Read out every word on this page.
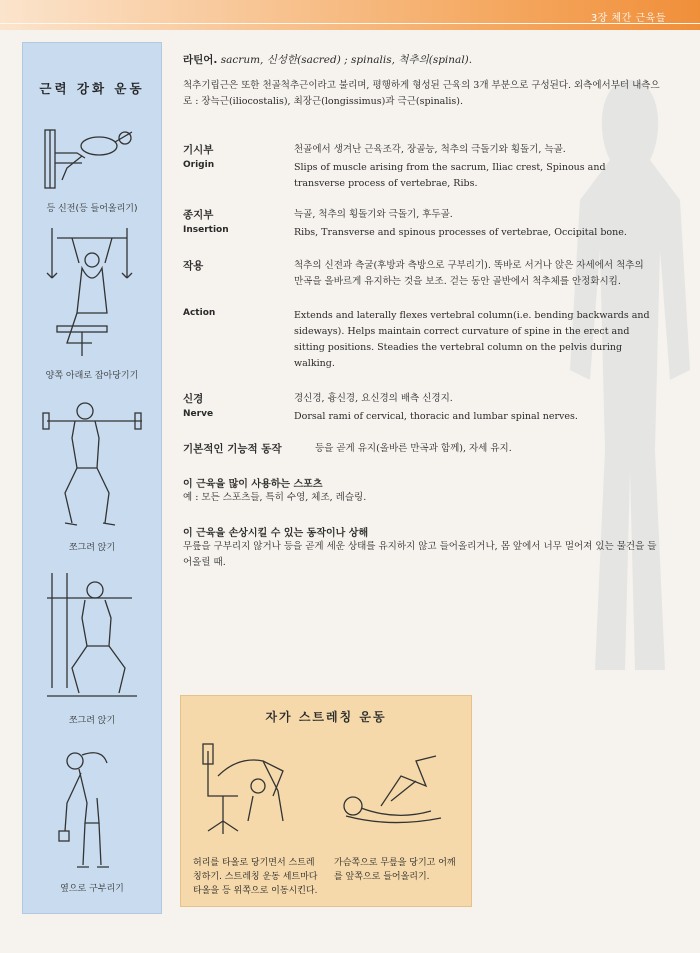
3장 체간 근육들
근력 강화 운동
등 신전(등 들어올리기)
양쪽 아래로 잡아당기기
쪼그려 앉기
쪼그려 앉기
옆으로 구부리기
라틴어. sacrum, 신성한(sacred) ; spinalis, 척추의(spinal).
척추기립근은 또한 천골척추근이라고 불리며, 평행하게 형성된 근육의 3개 부분으로 구성된다. 외측에서부터 내측으로 : 장늑근(iliocostalis), 최장근(longissimus)과 극근(spinalis).
기시부
Origin
천골에서 생겨난 근육조각, 장골능, 척추의 극돌기와 횡돌기, 늑골.
Slips of muscle arising from the sacrum, Iliac crest, Spinous and transverse process of vertebrae, Ribs.
종지부
Insertion
늑골, 척추의 횡돌기와 극돌기, 후두골.
Ribs, Transverse and spinous processes of vertebrae, Occipital bone.
작용
Action
척추의 신전과 측굴(후방과 측방으로 구부리기). 똑바로 서거나 앉은 자세에서 척추의 만곡을 올바르게 유지하는 것을 보조. 걷는 동안 골반에서 척추체를 안정화시킴.
Extends and laterally flexes vertebral column(i.e. bending backwards and sideways). Helps maintain correct curvature of spine in the erect and sitting positions. Steadies the vertebral column on the pelvis during walking.
신경
Nerve
경신경, 흉신경, 요신경의 배측 신경지.
Dorsal rami of cervical, thoracic and lumbar spinal nerves.
기본적인 기능적 동작	등을 곧게 유지(올바른 만곡과 함께), 자세 유지.
이 근육을 많이 사용하는 스포츠
예 : 모든 스포츠들, 특히 수영, 체조, 레슬링.
이 근육을 손상시킬 수 있는 동작이나 상해
무릎을 구부리지 않거나 등을 곧게 세운 상태를 유지하지 않고 들어올리거나, 몸 앞에서 너무 멀어져 있는 물건을 들어올릴 때.
자가 스트레칭 운동
허리를 타올로 당기면서 스트레칭하기. 스트레칭 운동 세트마다 타올을 등 위쪽으로 이동시킨다.
가슴쪽으로 무릎을 당기고 어깨를 앞쪽으로 들어올리기.
